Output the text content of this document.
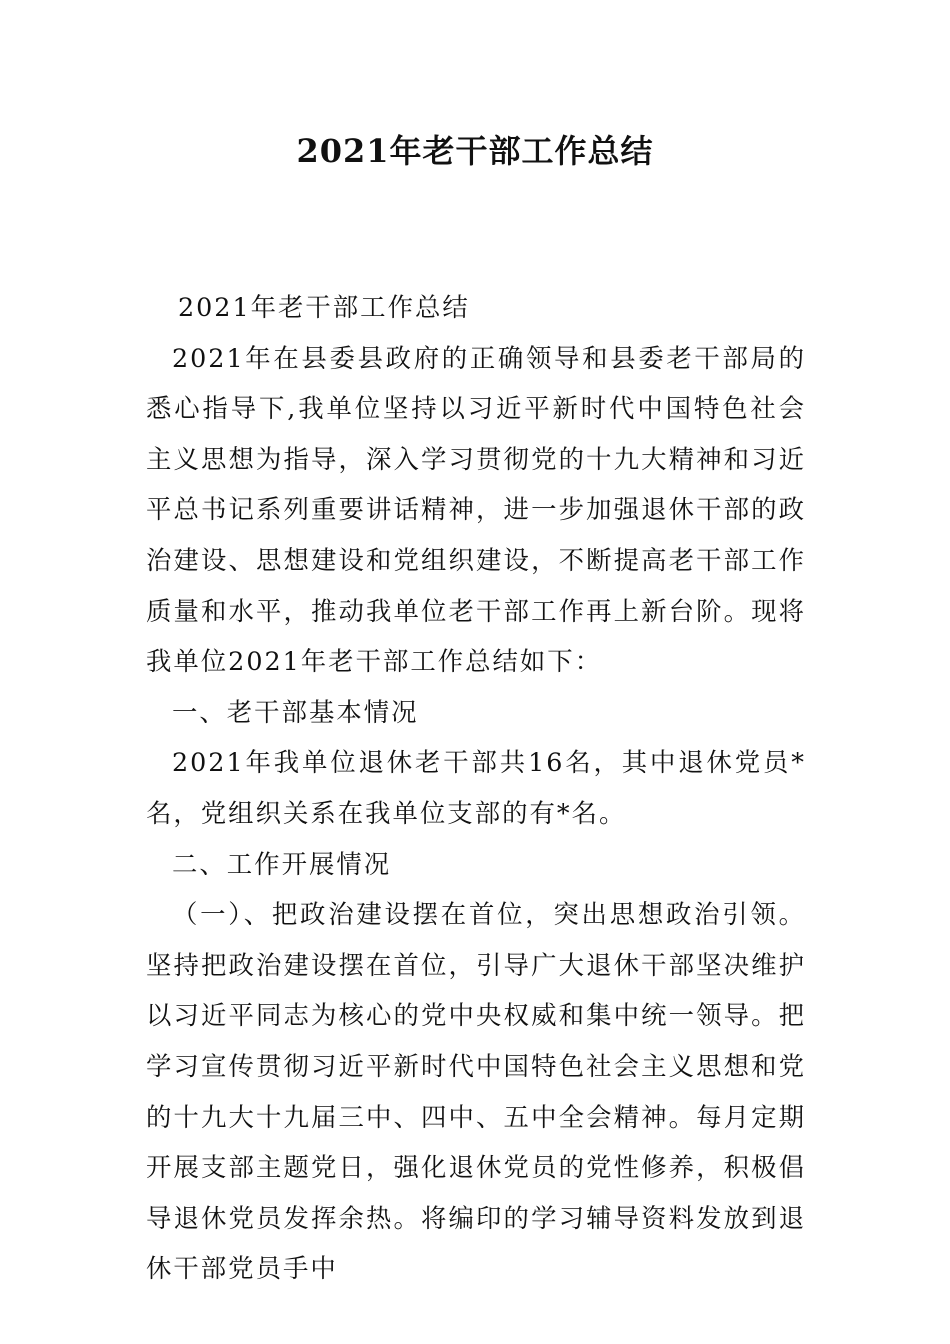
2021年老干部工作总结

2021年老干部工作总结

2021年在县委县政府的正确领导和县委老干部局的悉心指导下,我单位坚持以习近平新时代中国特色社会主义思想为指导，深入学习贯彻党的十九大精神和习近平总书记系列重要讲话精神，进一步加强退休干部的政治建设、思想建设和党组织建设，不断提高老干部工作质量和水平，推动我单位老干部工作再上新台阶。现将我单位2021年老干部工作总结如下：

一、老干部基本情况

2021年我单位退休老干部共16名，其中退休党员*名，党组织关系在我单位支部的有*名。

二、工作开展情况

（一）、把政治建设摆在首位，突出思想政治引领。坚持把政治建设摆在首位，引导广大退休干部坚决维护以习近平同志为核心的党中央权威和集中统一领导。把学习宣传贯彻习近平新时代中国特色社会主义思想和党的十九大十九届三中、四中、五中全会精神。每月定期开展支部主题党日，强化退休党员的党性修养，积极倡导退休党员发挥余热。将编印的学习辅导资料发放到退休干部党员手中
